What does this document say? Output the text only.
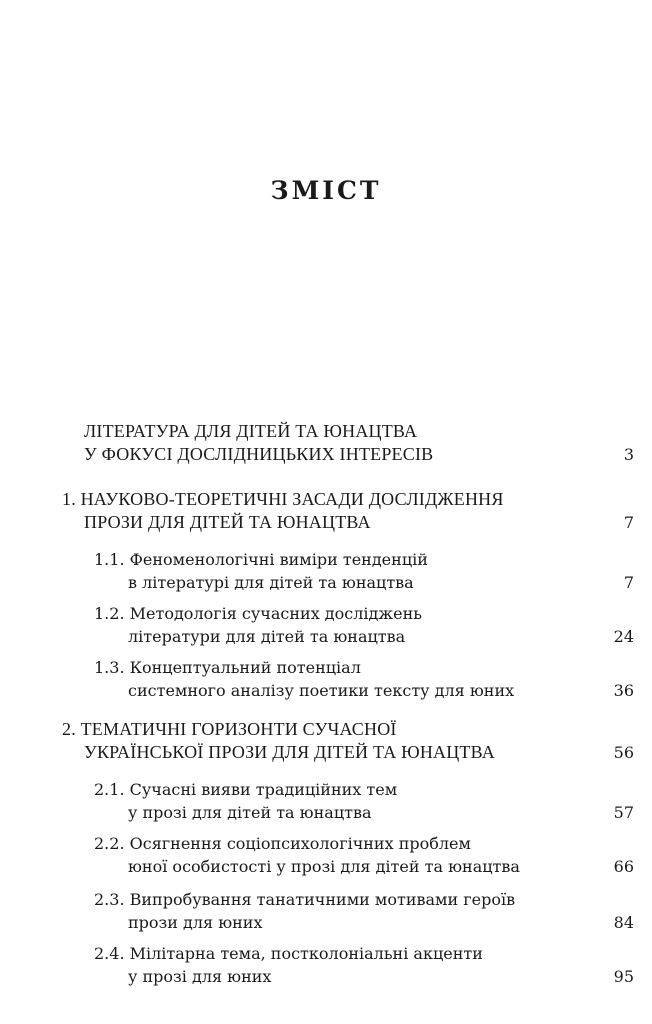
ЗМІСТ
ЛІТЕРАТУРА ДЛЯ ДІТЕЙ ТА ЮНАЦТВА
У ФОКУСІ ДОСЛІДНИЦЬКИХ ІНТЕРЕСІВ	3
1. НАУКОВО-ТЕОРЕТИЧНІ ЗАСАДИ ДОСЛІДЖЕННЯ
ПРОЗИ ДЛЯ ДІТЕЙ ТА ЮНАЦТВА	7
1.1. Феноменологічні виміри тенденцій
в літературі для дітей та юнацтва	7
1.2. Методологія сучасних досліджень
літератури для дітей та юнацтва	24
1.3. Концептуальний потенціал
системного аналізу поетики тексту для юних	36
2. ТЕМАТИЧНІ ГОРИЗОНТИ СУЧАСНОЇ
УКРАЇНСЬКОЇ ПРОЗИ ДЛЯ ДІТЕЙ ТА ЮНАЦТВА	56
2.1. Сучасні вияви традиційних тем
у прозі для дітей та юнацтва	57
2.2. Осягнення соціопсихологічних проблем
юної особистості у прозі для дітей та юнацтва	66
2.3. Випробування танатичними мотивами героїв
прози для юних	84
2.4. Мілітарна тема, постколоніальні акценти
у прозі для юних	95
